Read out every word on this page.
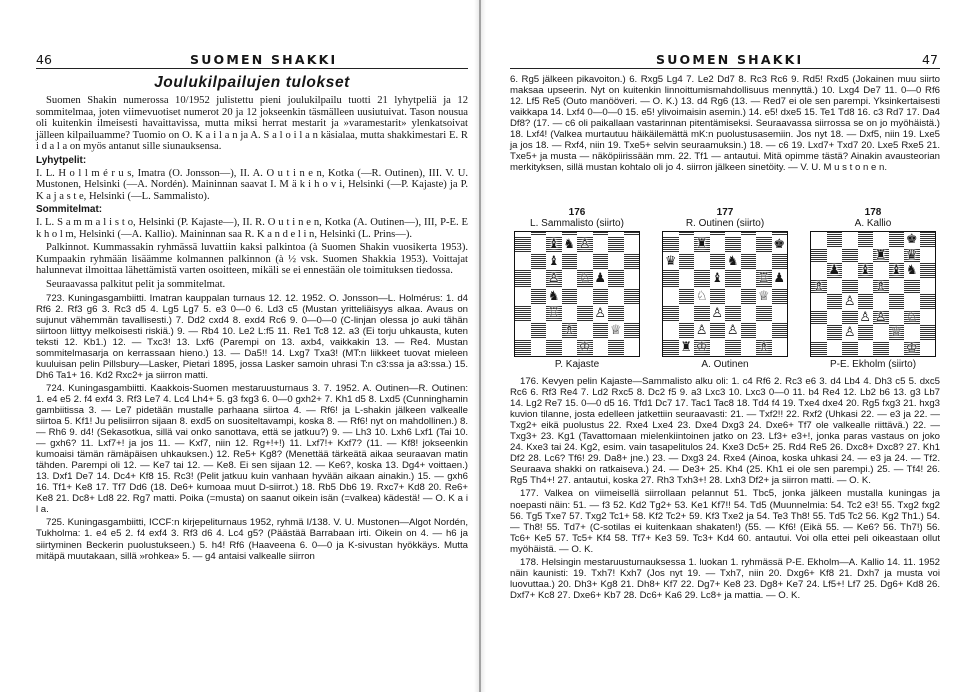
46	SUOMEN SHAKKI

Joulukilpailujen tulokset

Suomen Shakin numerossa 10/1952 julistettu pieni joulukilpailu tuotti 21 lyhytpeliä ja 12 sommitelmaa, joten viimevuotiset numerot 20 ja 12 jokseenkin täsmälleen uusiutuivat. Tason nousua oli kuitenkin ilmeisesti havaittavissa, mutta miksi herrat mestarit ja »varamestarit» ylenkatsoivat jälleen kilpailuamme? Tuomio on O. K a i l a n ja A. S a l o i l a n käsialaa, mutta shakkimestari E. R i d a l a on myös antanut sille siunauksensa.

Lyhytpelit:

I. L. H o l l m é r u s, Imatra (O. Jonsson—), II. A. O u t i n e n, Kotka (—R. Outinen), III. V. U. Mustonen, Helsinki (—A. Nordén). Maininnan saavat I. M ä k i h o v i, Helsinki (—P. Kajaste) ja P. K a j a s t e, Helsinki (—L. Sammalisto).

Sommitelmat:

I. L. S a m m a l i s t o, Helsinki (P. Kajaste—), II. R. O u t i n e n, Kotka (A. Outinen—), III, P-E. E k h o l m, Helsinki (—A. Kallio). Maininnan saa R. K a n d e l i n, Helsinki (L. Prins—).

Palkinnot. Kummassakin ryhmässä luvattiin kaksi palkintoa (à Suomen Shakin vuosikerta 1953). Kumpaakin ryhmään lisäämme kolmannen palkinnon (à ½ vsk. Suomen Shakkia 1953). Voittajat halunnevat ilmoittaa lähettämistä varten osoitteen, mikäli se ei ennestään ole toimituksen tiedossa.

Seuraavassa palkitut pelit ja sommitelmat.

723. Kuningasgambiitti. Imatran kauppalan turnaus 12. 12. 1952. O. Jonsson—L. Holmérus: 1. d4 Rf6 2. Rf3 g6 3. Rc3 d5 4. Lg5 Lg7 5. e3 0—0 6. Ld3 c5 (Mustan yritteliäisyys alkaa. Avaus on sujunut vähemmän tavallisesti.) 7. Dd2 cxd4 8. exd4 Rc6 9. 0—0—0 (C-linjan olessa jo auki tähän siirtoon liittyy melkoisesti riskiä.) 9. — Rb4 10. Le2 L:f5 11. Re1 Tc8 12. a3 (Ei torju uhkausta, kuten teksti 12. Kb1.) 12. — Txc3! 13. Lxf6 (Parempi on 13. axb4, vaikkakin 13. — Re4. Mustan sommitelmasarja on kerrassaan hieno.) 13. — Da5!! 14. Lxg7 Txa3! (MT:n liikkeet tuovat mieleen kuuluisan pelin Pillsbury—Lasker, Pietari 1895, jossa Lasker samoin uhrasi T:n c3:ssa ja a3:ssa.) 15. Dh6 Ta1+ 16. Kd2 Rxc2+ ja siirron matti.

724. Kuningasgambiitti. Kaakkois-Suomen mestaruusturnaus 3. 7. 1952. A. Outinen—R. Outinen: 1. e4 e5 2. f4 exf4 3. Rf3 Le7 4. Lc4 Lh4+ 5. g3 fxg3 6. 0—0 gxh2+ 7. Kh1 d5 8. Lxd5 (Cunninghamin gambiitissa 3. — Le7 pidetään mustalle parhaana siirtoa 4. — Rf6! ja L-shakin jälkeen valkealle siirtoa 5. Kf1! Ju pelisiirron sijaan 8. exd5 on suositeltavampi, koska 8. — Rf6! nyt on mahdollinen.) 8. — Rh6 9. d4! (Sekasotkua, sillä vai onko sanottava, että se jatkuu?) 9. — Lh3 10. Lxh6 Lxf1 (Tai 10. — gxh6? 11. Lxf7+! ja jos 11. — Kxf7, niin 12. Rg+!+!) 11. Lxf7!+ Kxf7? (11. — Kf8! jokseenkin kumoaisi tämän rämäpäisen uhkauksen.) 12. Re5+ Kg8? (Menettää tärkeätä aikaa seuraavan matin tähden. Parempi oli 12. — Ke7 tai 12. — Ke8. Ei sen sijaan 12. — Ke6?, koska 13. Dg4+ voittaen.) 13. Dxf1 De7 14. Dc4+ Kf8 15. Rc3! (Pelit jatkuu kuin vanhaan hyvään aikaan ainakin.) 15. — gxh6 16. Tf1+ Ke8 17. Tf7 Dd6 (18. De6+ kumoaa muut D-siirrot.) 18. Rb5 Db6 19. Rxc7+ Kd8 20. Re6+ Ke8 21. Dc8+ Ld8 22. Rg7 matti. Poika (=musta) on saanut oikein isän (=valkea) kädestä! — O. K a i l a.

725. Kuningasgambiitti, ICCF:n kirjepeliturnaus 1952, ryhmä I/138. V. U. Mustonen—Algot Nordén, Tukholma: 1. e4 e5 2. f4 exf4 3. Rf3 d6 4. Lc4 g5? (Päästää Barrabaan irti. Oikein on 4. — h6 ja siirtyminen Beckerin puolustukseen.) 5. h4! Rf6 (Haaveena 6. 0—0 ja K-sivustan hyökkäys. Mutta mitäpä muutakaan, sillä »rohkea» 5. — g4 antaisi valkealle siirron

SUOMEN SHAKKI	47

6. Rg5 jälkeen pikavoiton.) 6. Rxg5 Lg4 7. Le2 Dd7 8. Rc3 Rc6 9. Rd5! Rxd5 (Jokainen muu siirto maksaa upseerin. Nyt on kuitenkin linnoittumismahdollisuus mennyttä.) 10. Lxg4 De7 11. 0—0 Rf6 12. Lf5 Re5 (Outo manööveri. — O. K.) 13. d4 Rg6 (13. — Red7 ei ole sen parempi. Yksinkertaisesti vaikkapa 14. Lxf4 0—0—0 15. e5! ylivoimaisin asemin.) 14. e5! dxe5 15. Te1 Td8 16. c3 Rd7 17. Da4 Df8? (17. — c6 oli paikallaan vastarinnan pitentämiseksi. Seuraavassa siirrossa se on jo myöhäistä.) 18. Lxf4! (Valkea murtautuu häikäilemättä mK:n puolustusasemiin. Jos nyt 18. — Dxf5, niin 19. Lxe5 ja jos 18. — Rxf4, niin 19. Txe5+ selvin seuraamuksin.) 18. — c6 19. Lxd7+ Txd7 20. Lxe5 Rxe5 21. Txe5+ ja musta — näköpiirissään mm. 22. Tf1 — antautui. Mitä opimme tästä? Ainakin avausteorian merkityksen, sillä mustan kohtalo oli jo 4. siirron jälkeen sinetöity. — V. U. M u s t o n e n.

176
L. Sammalisto (siirto)
♝ ♞ ♙
♝
♙ ♘ ♟
♞
♖	♙
♗	♕
♔
P. Kajaste
177
R. Outinen (siirto)
♜	♚
♛	♞
♝	♖ ♟
♘	♕
♙
♙ ♙
♜ ♔	♗
A. Outinen
178
A. Kallio
♚
♜ ♛
♟ ♝ ♝ ♞
♗	♗
♙
♙ ♙ ♘
♙	♕
♔
P-E. Ekholm (siirto)

176. Kevyen pelin Kajaste—Sammalisto alku oli: 1. c4 Rf6 2. Rc3 e6 3. d4 Lb4 4. Dh3 c5 5. dxc5 Rc6 6. Rf3 Re4 7. Ld2 Rxc5 8. Dc2 f5 9. a3 Lxc3 10. Lxc3 0—0 11. b4 Re4 12. Lb2 b6 13. g3 Lb7 14. Lg2 Re7 15. 0—0 d5 16. Tfd1 Dc7 17. Tac1 Tac8 18. Td4 f4 19. Txe4 dxe4 20. Rg5 fxg3 21. hxg3 kuvion tilanne, josta edelleen jatkettiin seuraavasti: 21. — Txf2!! 22. Rxf2 (Uhkasi 22. — e3 ja 22. — Txg2+ eikä puolustus 22. Rxe4 Lxe4 23. Dxe4 Dxg3 24. Dxe6+ Tf7 ole valkealle riittävä.) 22. — Txg3+ 23. Kg1 (Tavattomaan mielenkiintoinen jatko on 23. Lf3+ e3+!, jonka paras vastaus on joko 24. Kxe3 tai 24. Kg2, esim. vain tasapelitulos 24. Kxe3 Dc5+ 25. Rd4 Re5 26. Dxc8+ Dxc8? 27. Kh1 Df2 28. Lc6? Tf6! 29. Da8+ jne.) 23. — Dxg3 24. Rxe4 (Ainoa, koska uhkasi 24. — e3 ja 24. — Tf2. Seuraava shakki on ratkaiseva.) 24. — De3+ 25. Kh4 (25. Kh1 ei ole sen parempi.) 25. — Tf4! 26. Rg5 Th4+! 27. antautui, koska 27. Rh3 Txh3+! 28. Lxh3 Df2+ ja siirron matti. — O. K.

177. Valkea on viimeisellä siirrollaan pelannut 51. Tbc5, jonka jälkeen mustalla kuningas ja noepasti näin: 51. — f3 52. Kd2 Tg2+ 53. Ke1 Kf7!! 54. Td5 (Muunnelmia: 54. Tc2 e3! 55. Txg2 fxg2 56. Tg5 Txe7 57. Txg2 Tc1+ 58. Kf2 Tc2+ 59. Kf3 Txe2 ja 54. Te3 Th8! 55. Td5 Tc2 56. Kg2 Th1.) 54. — Th8! 55. Td7+ (C-sotilas ei kuitenkaan shakaten!) (55. — Kf6! (Eikä 55. — Ke6? 56. Th7!) 56. Tc6+ Ke5 57. Tc5+ Kf4 58. Tf7+ Ke3 59. Tc3+ Kd4 60. antautui. Voi olla ettei peli oikeastaan ollut myöhäistä. — O. K.

178. Helsingin mestaruusturnauksessa 1. luokan 1. ryhmässä P-E. Ekholm—A. Kallio 14. 11. 1952 näin kaunisti: 19. Txh7! Kxh7 (Jos nyt 19. — Txh7, niin 20. Dxg6+ Kf8 21. Dxh7 ja musta voi luovuttaa.) 20. Dh3+ Kg8 21. Dh8+ Kf7 22. Dg7+ Ke8 23. Dg8+ Ke7 24. Lf5+! Lf7 25. Dg6+ Kd8 26. Dxf7+ Kc8 27. Dxe6+ Kb7 28. Dc6+ Ka6 29. Lc8+ ja mattia. — O. K.
